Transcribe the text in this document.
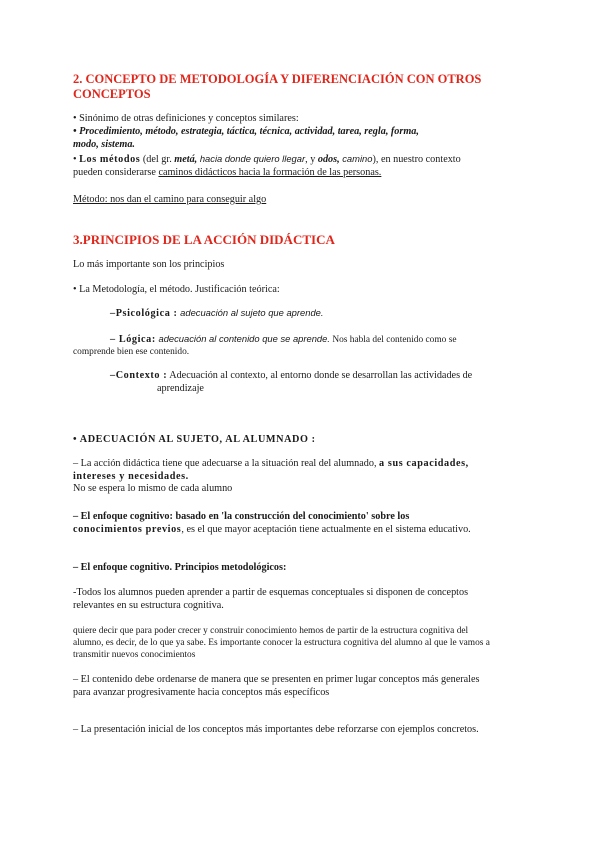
2. CONCEPTO DE METODOLOGÍA Y DIFERENCIACIÓN CON OTROS
CONCEPTOS
• Sinónimo de otras definiciones y conceptos similares:
• Procedimiento, método, estrategia, táctica, técnica, actividad, tarea, regla, forma,
modo, sistema.
• Los métodos (del gr. metá, hacia donde quiero llegar, y odos, camino), en nuestro contexto
pueden considerarse caminos didácticos hacia la formación de las personas.
Método: nos dan el camino para conseguir algo
3.PRINCIPIOS DE LA ACCIÓN DIDÁCTICA
Lo más importante son los principios
• La Metodología, el método. Justificación teórica:
–Psicológica : adecuación al sujeto que aprende.
– Lógica: adecuación al contenido que se aprende. Nos habla del contenido como se
comprende bien ese contenido.
–Contexto : Adecuación al contexto, al entorno donde se desarrollan las actividades de
aprendizaje
• ADECUACIÓN AL SUJETO, AL ALUMNADO :
– La acción didáctica tiene que adecuarse a la situación real del alumnado, a sus capacidades,
intereses y necesidades.
No se espera lo mismo de cada alumno
– El enfoque cognitivo: basado en 'la construcción del conocimiento' sobre los
conocimientos previos, es el que mayor aceptación tiene actualmente en el sistema educativo.
– El enfoque cognitivo. Principios metodológicos:
-Todos los alumnos pueden aprender a partir de esquemas conceptuales si disponen de conceptos
relevantes en su estructura cognitiva.
quiere decir que para poder crecer y construir conocimiento hemos de partir de la estructura cognitiva del
alumno, es decir, de lo que ya sabe. Es importante conocer la estructura cognitiva del alumno al que le vamos a
transmitir nuevos conocimientos
– El contenido debe ordenarse de manera que se presenten en primer lugar conceptos más generales
para avanzar progresivamente hacia conceptos más específicos
– La presentación inicial de los conceptos más importantes debe reforzarse con ejemplos concretos.
